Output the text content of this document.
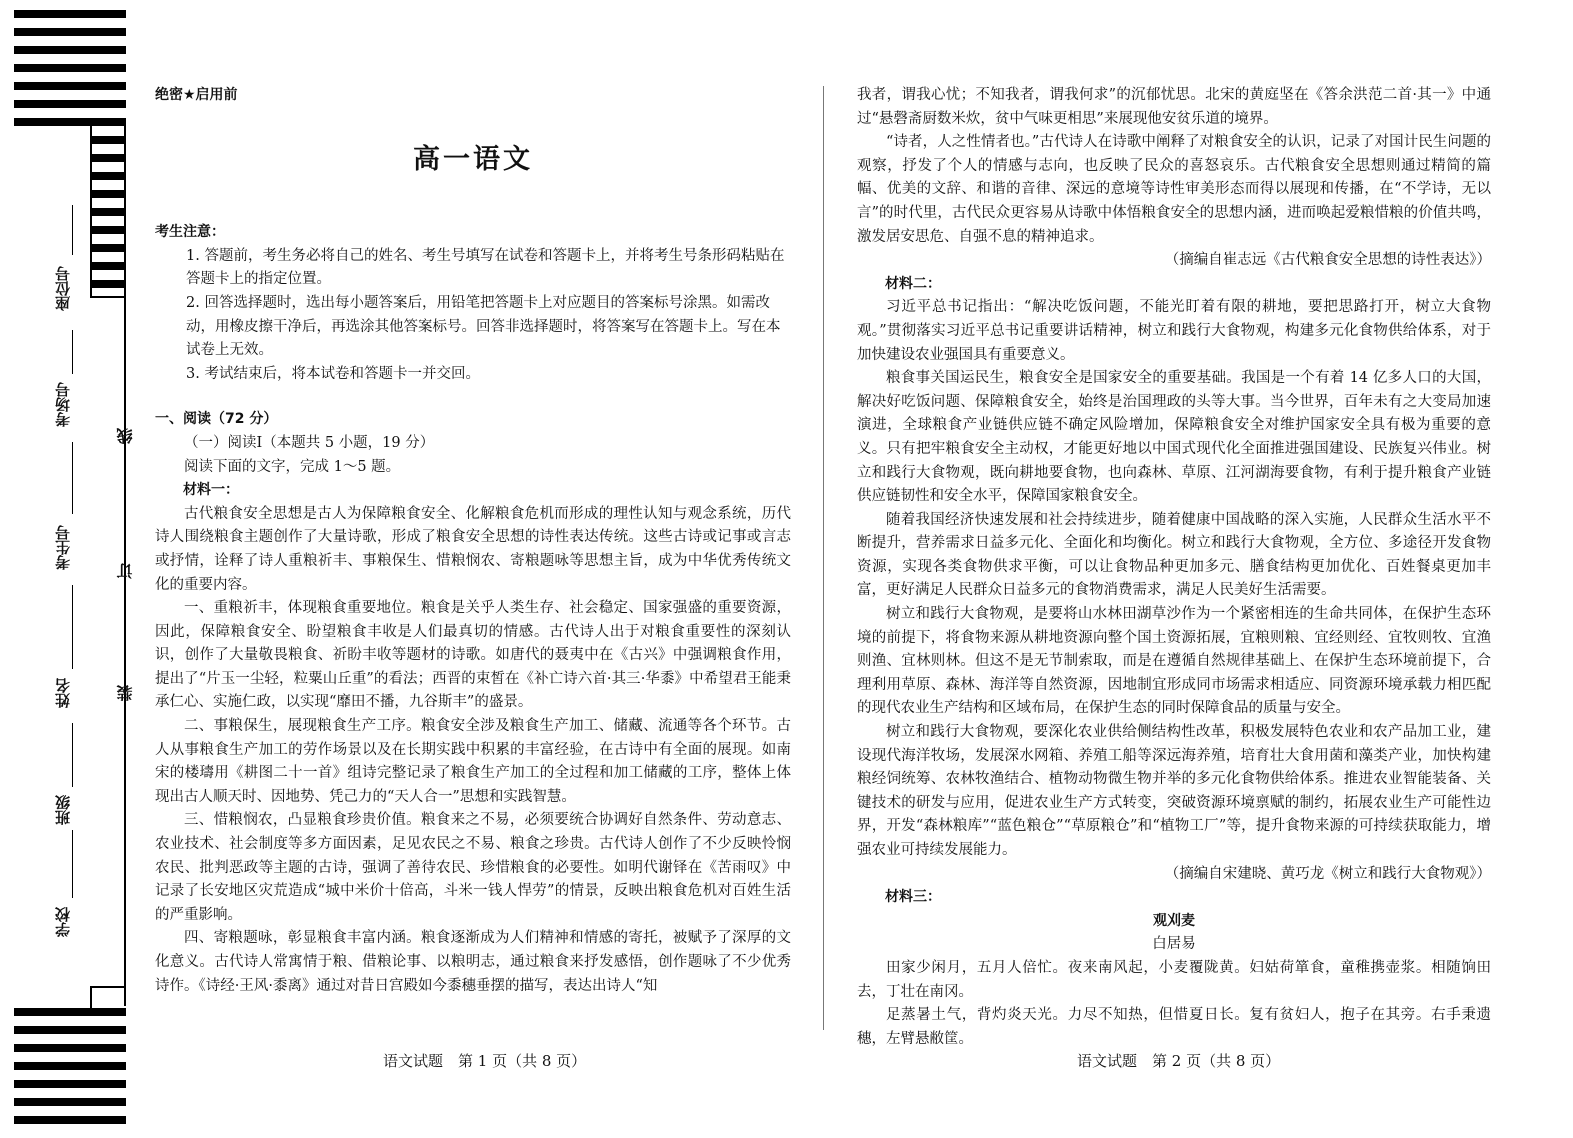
座位号
考场号
考生号
姓名
班级
学校
线
订
装

绝密★启用前

高一语文

考生注意：

1. 答题前，考生务必将自己的姓名、考生号填写在试卷和答题卡上，并将考生号条形码粘贴在答题卡上的指定位置。

2. 回答选择题时，选出每小题答案后，用铅笔把答题卡上对应题目的答案标号涂黑。如需改动，用橡皮擦干净后，再选涂其他答案标号。回答非选择题时，将答案写在答题卡上。写在本试卷上无效。

3. 考试结束后，将本试卷和答题卡一并交回。

一、阅读（72 分）

（一）阅读Ⅰ（本题共 5 小题，19 分）

阅读下面的文字，完成 1～5 题。

材料一：

古代粮食安全思想是古人为保障粮食安全、化解粮食危机而形成的理性认知与观念系统，历代诗人围绕粮食主题创作了大量诗歌，形成了粮食安全思想的诗性表达传统。这些古诗或记事或言志或抒情，诠释了诗人重粮祈丰、事粮保生、惜粮悯农、寄粮题咏等思想主旨，成为中华优秀传统文化的重要内容。

一、重粮祈丰，体现粮食重要地位。粮食是关乎人类生存、社会稳定、国家强盛的重要资源，因此，保障粮食安全、盼望粮食丰收是人们最真切的情感。古代诗人出于对粮食重要性的深刻认识，创作了大量敬畏粮食、祈盼丰收等题材的诗歌。如唐代的聂夷中在《古兴》中强调粮食作用，提出了“片玉一尘轻，粒粟山丘重”的看法；西晋的束皙在《补亡诗六首·其三·华黍》中希望君王能秉承仁心、实施仁政，以实现“靡田不播，九谷斯丰”的盛景。

二、事粮保生，展现粮食生产工序。粮食安全涉及粮食生产加工、储藏、流通等各个环节。古人从事粮食生产加工的劳作场景以及在长期实践中积累的丰富经验，在古诗中有全面的展现。如南宋的楼璹用《耕图二十一首》组诗完整记录了粮食生产加工的全过程和加工储藏的工序，整体上体现出古人顺天时、因地势、凭己力的“天人合一”思想和实践智慧。

三、惜粮悯农，凸显粮食珍贵价值。粮食来之不易，必须要统合协调好自然条件、劳动意志、农业技术、社会制度等多方面因素，足见农民之不易、粮食之珍贵。古代诗人创作了不少反映怜悯农民、批判恶政等主题的古诗，强调了善待农民、珍惜粮食的必要性。如明代谢铎在《苦雨叹》中记录了长安地区灾荒造成“城中米价十倍高，斗米一钱人悍劳”的情景，反映出粮食危机对百姓生活的严重影响。

四、寄粮题咏，彰显粮食丰富内涵。粮食逐渐成为人们精神和情感的寄托，被赋予了深厚的文化意义。古代诗人常寓情于粮、借粮论事、以粮明志，通过粮食来抒发感悟，创作题咏了不少优秀诗作。《诗经·王风·黍离》通过对昔日宫殿如今黍穗垂摆的描写，表达出诗人“知

我者，谓我心忧；不知我者，谓我何求”的沉郁忧思。北宋的黄庭坚在《答余洪范二首·其一》中通过“悬磬斋厨数米炊，贫中气味更相思”来展现他安贫乐道的境界。

“诗者，人之性情者也。”古代诗人在诗歌中阐释了对粮食安全的认识，记录了对国计民生问题的观察，抒发了个人的情感与志向，也反映了民众的喜怒哀乐。古代粮食安全思想则通过精简的篇幅、优美的文辞、和谐的音律、深远的意境等诗性审美形态而得以展现和传播，在“不学诗，无以言”的时代里，古代民众更容易从诗歌中体悟粮食安全的思想内涵，进而唤起爱粮惜粮的价值共鸣，激发居安思危、自强不息的精神追求。

（摘编自崔志远《古代粮食安全思想的诗性表达》）

材料二：

习近平总书记指出：“解决吃饭问题，不能光盯着有限的耕地，要把思路打开，树立大食物观。”贯彻落实习近平总书记重要讲话精神，树立和践行大食物观，构建多元化食物供给体系，对于加快建设农业强国具有重要意义。

粮食事关国运民生，粮食安全是国家安全的重要基础。我国是一个有着 14 亿多人口的大国，解决好吃饭问题、保障粮食安全，始终是治国理政的头等大事。当今世界，百年未有之大变局加速演进，全球粮食产业链供应链不确定风险增加，保障粮食安全对维护国家安全具有极为重要的意义。只有把牢粮食安全主动权，才能更好地以中国式现代化全面推进强国建设、民族复兴伟业。树立和践行大食物观，既向耕地要食物，也向森林、草原、江河湖海要食物，有利于提升粮食产业链供应链韧性和安全水平，保障国家粮食安全。

随着我国经济快速发展和社会持续进步，随着健康中国战略的深入实施，人民群众生活水平不断提升，营养需求日益多元化、全面化和均衡化。树立和践行大食物观，全方位、多途径开发食物资源，实现各类食物供求平衡，可以让食物品种更加多元、膳食结构更加优化、百姓餐桌更加丰富，更好满足人民群众日益多元的食物消费需求，满足人民美好生活需要。

树立和践行大食物观，是要将山水林田湖草沙作为一个紧密相连的生命共同体，在保护生态环境的前提下，将食物来源从耕地资源向整个国土资源拓展，宜粮则粮、宜经则经、宜牧则牧、宜渔则渔、宜林则林。但这不是无节制索取，而是在遵循自然规律基础上、在保护生态环境前提下，合理利用草原、森林、海洋等自然资源，因地制宜形成同市场需求相适应、同资源环境承载力相匹配的现代农业生产结构和区域布局，在保护生态的同时保障食品的质量与安全。

树立和践行大食物观，要深化农业供给侧结构性改革，积极发展特色农业和农产品加工业，建设现代海洋牧场，发展深水网箱、养殖工船等深远海养殖，培育壮大食用菌和藻类产业，加快构建粮经饲统筹、农林牧渔结合、植物动物微生物并举的多元化食物供给体系。推进农业智能装备、关键技术的研发与应用，促进农业生产方式转变，突破资源环境禀赋的制约，拓展农业生产可能性边界，开发“森林粮库”“蓝色粮仓”“草原粮仓”和“植物工厂”等，提升食物来源的可持续获取能力，增强农业可持续发展能力。

（摘编自宋建晓、黄巧龙《树立和践行大食物观》）

材料三：

观刈麦

白居易

田家少闲月，五月人倍忙。夜来南风起，小麦覆陇黄。妇姑荷箪食，童稚携壶浆。相随饷田去，丁壮在南冈。

足蒸暑土气，背灼炎天光。力尽不知热，但惜夏日长。复有贫妇人，抱子在其旁。右手秉遗穗，左臂悬敝筐。

语文试题　第 1 页（共 8 页）	语文试题　第 2 页（共 8 页）
